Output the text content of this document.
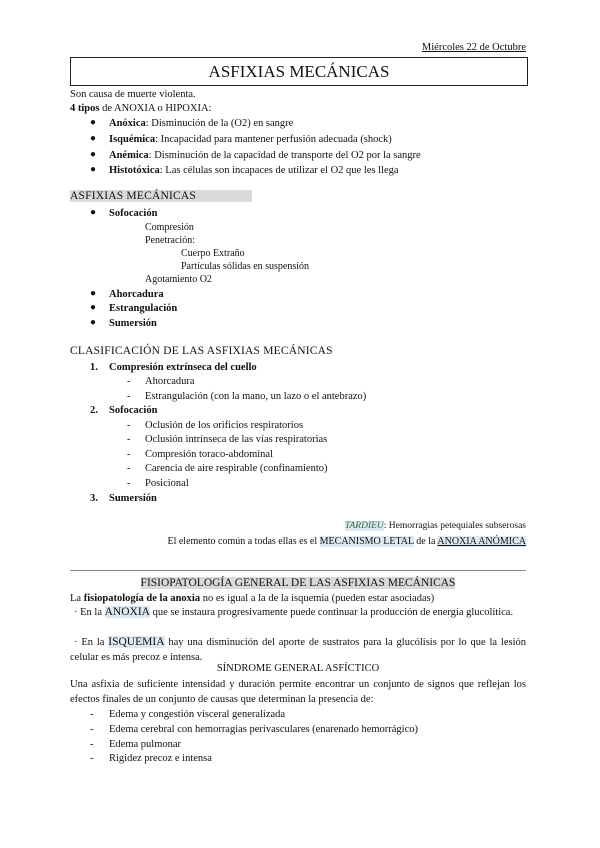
Miércoles 22 de Octubre
ASFIXIAS MECÁNICAS
Son causa de muerte violenta.
4 tipos de ANOXIA o HIPOXIA:
● Anóxica: Disminución de la (O2) en sangre
● Isquémica: Incapacidad para mantener perfusión adecuada (shock)
● Anémica: Disminución de la capacidad de transporte del O2 por la sangre
● Histotóxica: Las células son incapaces de utilizar el O2 que les llega
ASFIXIAS MECÁNICAS
● Sofocación
Compresión
Penetración:
Cuerpo Extraño
Partículas sólidas en suspensión
Agotamiento O2
● Ahorcadura
● Estrangulación
● Sumersión
CLASIFICACIÓN DE LAS ASFIXIAS MECÁNICAS
1. Compresión extrínseca del cuello
- Ahorcadura
- Estrangulación (con la mano, un lazo o el antebrazo)
2. Sofocación
- Oclusión de los orificios respiratorios
- Oclusión intrínseca de las vías respiratorias
- Compresión toraco-abdominal
- Carencia de aire respirable (confinamiento)
- Posicional
3. Sumersión
TARDIEU: Hemorragias petequiales subserosas
El elemento común a todas ellas es el MECANISMO LETAL de la ANOXIA ANÓMICA
FISIOPATOLOGÍA GENERAL DE LAS ASFIXIAS MECÁNICAS
La fisiopatología de la anoxia no es igual a la de la isquemia (pueden estar asociadas)
· En la ANOXIA que se instaura progresivamente puede continuar la producción de energía glucolítica.
· En la ISQUEMIA hay una disminución del aporte de sustratos para la glucólisis por lo que la lesión celular es más precoz e intensa.
SÍNDROME GENERAL ASFÍCTICO
Una asfixia de suficiente intensidad y duración permite encontrar un conjunto de signos que reflejan los efectos finales de un conjunto de causas que determinan la presencia de:
- Edema y congestión visceral generalizada
- Edema cerebral con hemorragias perivasculares (enarenado hemorrágico)
- Edema pulmonar
- Rigidez precoz e intensa
